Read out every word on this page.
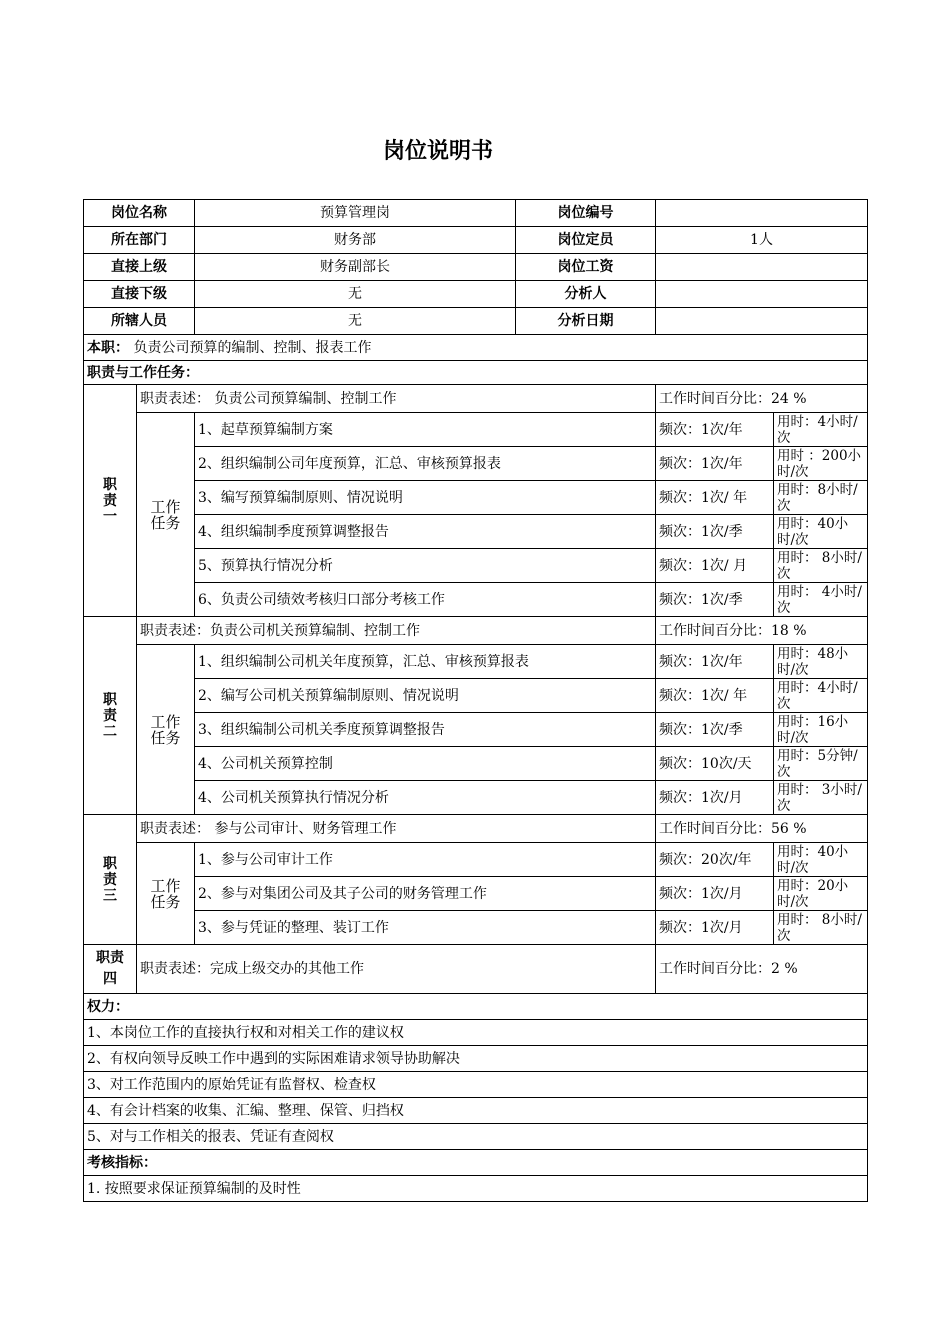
岗位说明书
岗位名称		预算管理岗	岗位编号		
所在部门		财务部	岗位定员	1人	
直接上级		财务副部长	岗位工资		
直接下级		无	分析人		
所辖人员		无	分析日期		
本职： 负责公司预算的编制、控制、报表工作					
职责与工作任务：					
职责一	职责表述： 负责公司预算编制、控制工作			工作时间百分比：24 %	
	工作任务	1、起草预算编制方案		频次：1次/年	用时：4小时/次
		2、组织编制公司年度预算，汇总、审核预算报表		频次：1次/年	用时 ：200小时/次
		3、编写预算编制原则、情况说明		频次：1次/ 年	用时：8小时/次
		4、组织编制季度预算调整报告		频次：1次/季	用时：40小时/次
		5、预算执行情况分析		频次：1次/ 月	用时： 8小时/次
		6、负责公司绩效考核归口部分考核工作		频次：1次/季	用时： 4小时/次
职责二	职责表述：负责公司机关预算编制、控制工作			工作时间百分比：18 %	
	工作任务	1、组织编制公司机关年度预算，汇总、审核预算报表		频次：1次/年	用时：48小时/次
		2、编写公司机关预算编制原则、情况说明		频次：1次/ 年	用时：4小时/次
		3、组织编制公司机关季度预算调整报告		频次：1次/季	用时：16小时/次
		4、公司机关预算控制		频次：10次/天	用时：5分钟/次
		4、公司机关预算执行情况分析		频次：1次/月	用时： 3小时/次
职责三	职责表述： 参与公司审计、财务管理工作			工作时间百分比：56 %	
	工作任务	1、参与公司审计工作		频次：20次/年	用时：40小时/次
		2、参与对集团公司及其子公司的财务管理工作		频次：1次/月	用时：20小时/次
		3、参与凭证的整理、装订工作		频次：1次/月	用时： 8小时/次
职责四	职责表述：完成上级交办的其他工作			工作时间百分比：2 %	
权力：					
1、本岗位工作的直接执行权和对相关工作的建议权					
2、有权向领导反映工作中遇到的实际困难请求领导协助解决					
3、对工作范围内的原始凭证有监督权、检查权					
4、有会计档案的收集、汇编、整理、保管、归挡权					
5、对与工作相关的报表、凭证有查阅权					
考核指标：					
1. 按照要求保证预算编制的及时性					
